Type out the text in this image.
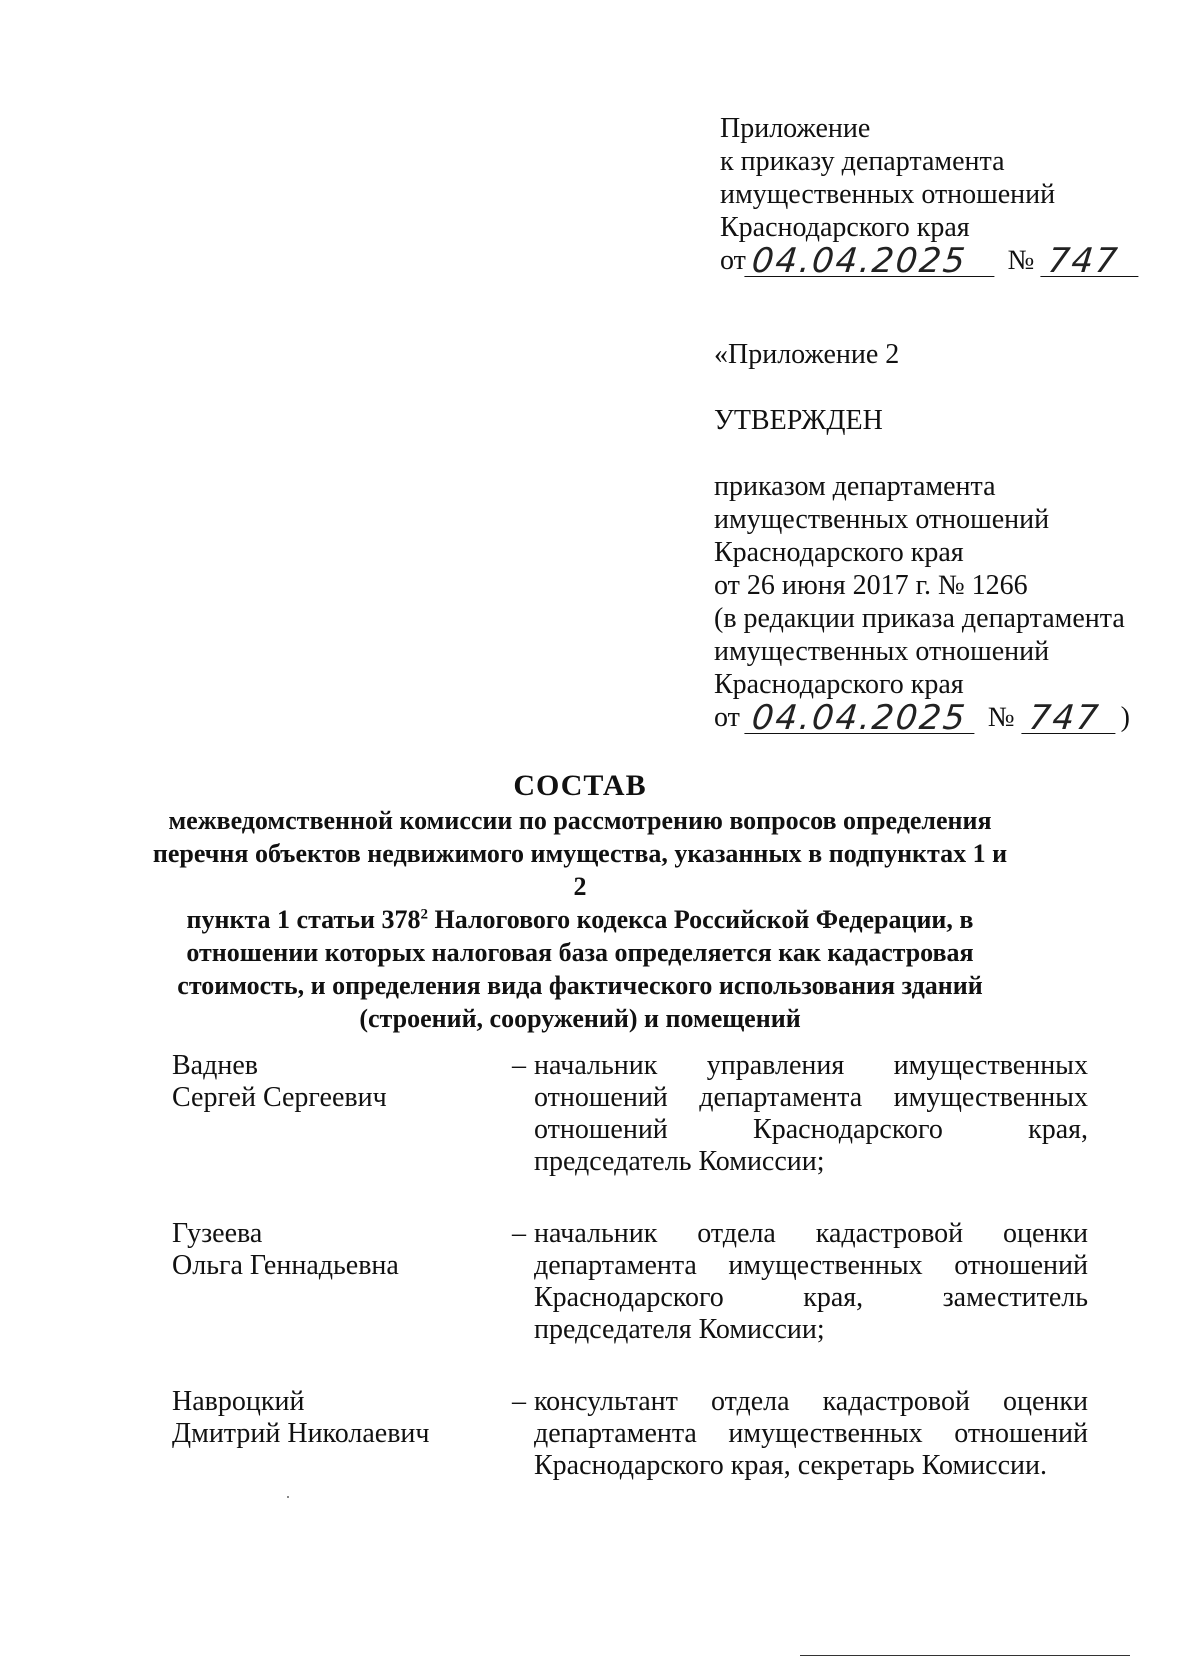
Приложение
к приказу департамента
имущественных отношений
Краснодарского края
от 04.04.2025	№ 747
«Приложение 2
УТВЕРЖДЕН
приказом департамента
имущественных отношений
Краснодарского края
от 26 июня 2017 г. № 1266
(в редакции приказа департамента
имущественных отношений
Краснодарского края
от 04.04.2025 № 747 )
СОСТАВ
межведомственной комиссии по рассмотрению вопросов определения
перечня объектов недвижимого имущества, указанных в подпунктах 1 и 2
пункта 1 статьи $378^2$ Налогового кодекса Российской Федерации, в
отношении которых налоговая база определяется как кадастровая
стоимость, и определения вида фактического использования зданий
(строений, сооружений) и помещений
Ваднев
Сергей Сергеевич
– начальник управления имущественных отношений департамента имущественных отношений Краснодарского края, председатель Комиссии;
Гузеева
Ольга Геннадьевна
– начальник отдела кадастровой оценки департамента имущественных отношений Краснодарского края, заместитель председателя Комиссии;
Навроцкий
Дмитрий Николаевич
– консультант отдела кадастровой оценки департамента имущественных отношений Краснодарского края, секретарь Комиссии.
